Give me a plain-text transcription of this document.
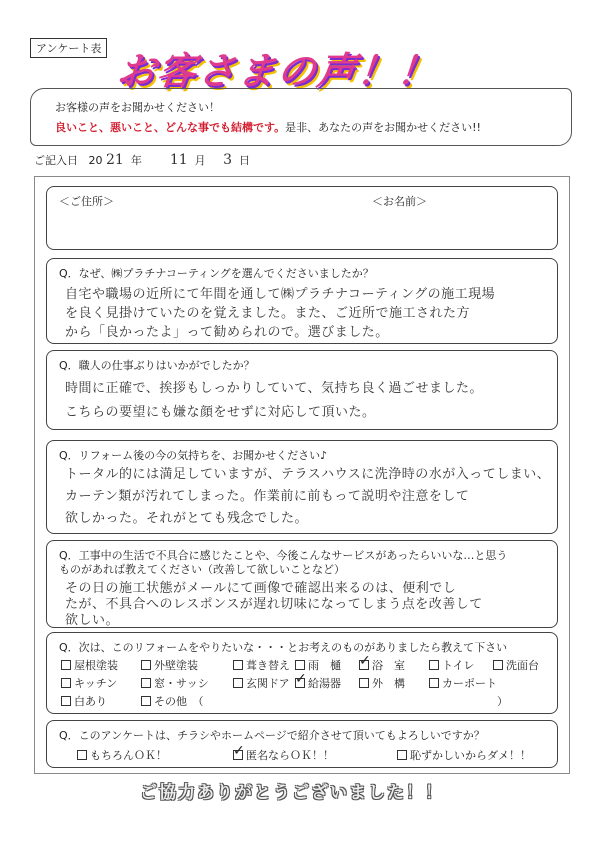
アンケート表
お客さまの声！！
お客様の声をお聞かせください！
良いこと、悪いこと、どんな事でも結構です。是非、あなたの声をお聞かせください!!
ご記入日 20 21 年 11 月 3 日
＜ご住所＞	＜お名前＞
Q．なぜ、㈱プラチナコーティングを選んでくださいましたか？
自宅や職場の近所にて年間を通して㈱プラチナコーティングの施工現場
を良く見掛けていたのを覚えました。また、ご近所で施工された方
から「良かったよ」って勧められので。選びました。
Q．職人の仕事ぶりはいかがでしたか？
時間に正確で、挨拶もしっかりしていて、気持ち良く過ごせました。
こちらの要望にも嫌な顔をせずに対応して頂いた。
Q．リフォーム後の今の気持ちを、お聞かせください♪
トータル的には満足していますが、テラスハウスに洗浄時の水が入ってしまい、
カーテン類が汚れてしまった。作業前に前もって説明や注意をして
欲しかった。それがとても残念でした。
Q．工事中の生活で不具合に感じたことや、今後こんなサービスがあったらいいな…と思う
ものがあれば教えてください（改善して欲しいことなど）
その日の施工状態がメールにて画像で確認出来るのは、便利でし
たが、不具合へのレスポンスが遅れ切味になってしまう点を改善して
欲しい。
Q．次は、このリフォームをやりたいな・・・とお考えのものがありましたら教えて下さい
屋根塗装	外壁塗装	葺き替え	雨　樋 ✓	浴　室	トイレ	洗面台
キッチン	窓・サッシ	玄関ドア ✓	給湯器	外　構	カーポート
白あり	その他　（	）
Q．このアンケートは、チラシやホームページで紹介させて頂いてもよろしいですか？
もちろんＯＫ！ ✓	匿名ならＯＫ！！	恥ずかしいからダメ！！
ご協力ありがとうございました！！
